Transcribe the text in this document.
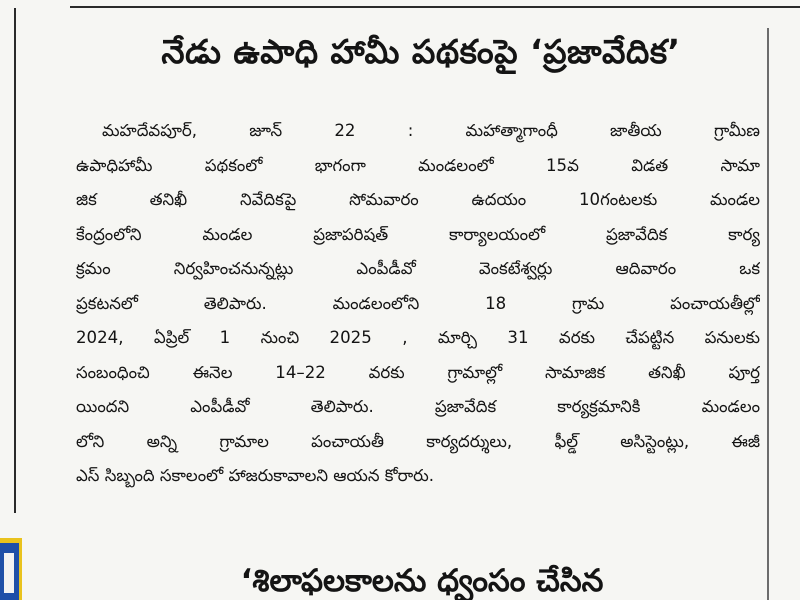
నేడు ఉపాధి హామీ పథకంపై ‘ప్రజావేదిక’
మహదేవపూర్, జూన్ 22 : మహాత్మాగాంధీ జాతీయ గ్రామీణ
ఉపాధిహామీ పథకంలో భాగంగా మండలంలో 15వ విడత సామా
జిక తనిఖీ నివేదికపై సోమవారం ఉదయం 10గంటలకు మండల
కేంద్రంలోని మండల ప్రజాపరిషత్ కార్యాలయంలో ప్రజావేదిక కార్య
క్రమం నిర్వహించనున్నట్లు ఎంపీడీవో వెంకటేశ్వర్లు ఆదివారం ఒక
ప్రకటనలో తెలిపారు. మండలంలోని 18 గ్రామ పంచాయతీల్లో
2024, ఏప్రిల్ 1 నుంచి 2025 , మార్చి 31 వరకు చేపట్టిన పనులకు
సంబంధించి ఈనెల 14–22 వరకు గ్రామాల్లో సామాజిక తనిఖీ పూర్త
యిందని ఎంపీడీవో తెలిపారు. ప్రజావేదిక కార్యక్రమానికి మండలం
లోని అన్ని గ్రామాల పంచాయతీ కార్యదర్శులు, ఫీల్డ్ అసిస్టెంట్లు, ఈజీ
ఎస్ సిబ్బంది సకాలంలో హాజరుకావాలని ఆయన కోరారు.
‘శిలాఫలకాలను ధ్వంసం చేసిన
